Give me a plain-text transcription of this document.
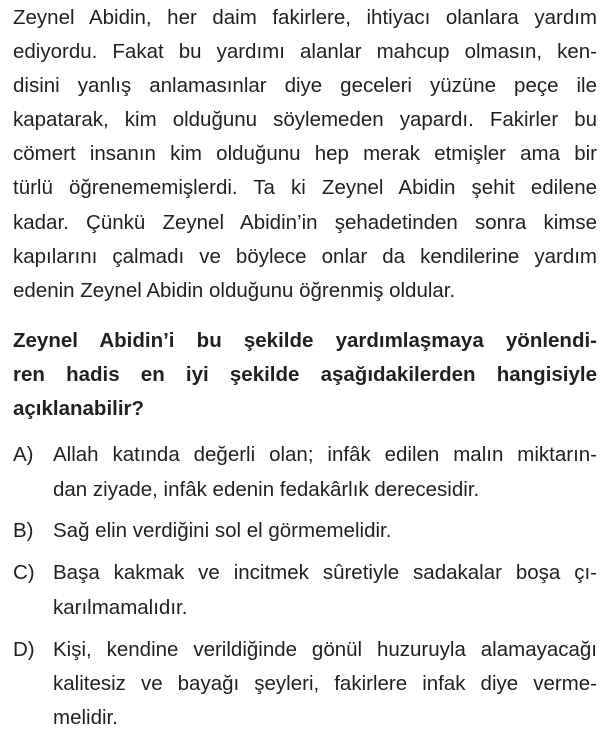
Zeynel Abidin, her daim fakirlere, ihtiyacı olanlara yardım
ediyordu. Fakat bu yardımı alanlar mahcup olmasın, ken-
disini yanlış anlamasınlar diye geceleri yüzüne peçe ile
kapatarak, kim olduğunu söylemeden yapardı. Fakirler bu
cömert insanın kim olduğunu hep merak etmişler ama bir
türlü öğrenememişlerdi. Ta ki Zeynel Abidin şehit edilene
kadar. Çünkü Zeynel Abidin’in şehadetinden sonra kimse
kapılarını çalmadı ve böylece onlar da kendilerine yardım
edenin Zeynel Abidin olduğunu öğrenmiş oldular.
Zeynel Abidin’i bu şekilde yardımlaşmaya yönlendi-
ren hadis en iyi şekilde aşağıdakilerden hangisiyle
açıklanabilir?
A) Allah katında değerli olan; infâk edilen malın miktarın-
dan ziyade, infâk edenin fedakârlık derecesidir.
B) Sağ elin verdiğini sol el görmemelidir.
C) Başa kakmak ve incitmek sûretiyle sadakalar boşa çı-
karılmamalıdır.
D) Kişi, kendine verildiğinde gönül huzuruyla alamayacağı
kalitesiz ve bayağı şeyleri, fakirlere infak diye verme-
melidir.
